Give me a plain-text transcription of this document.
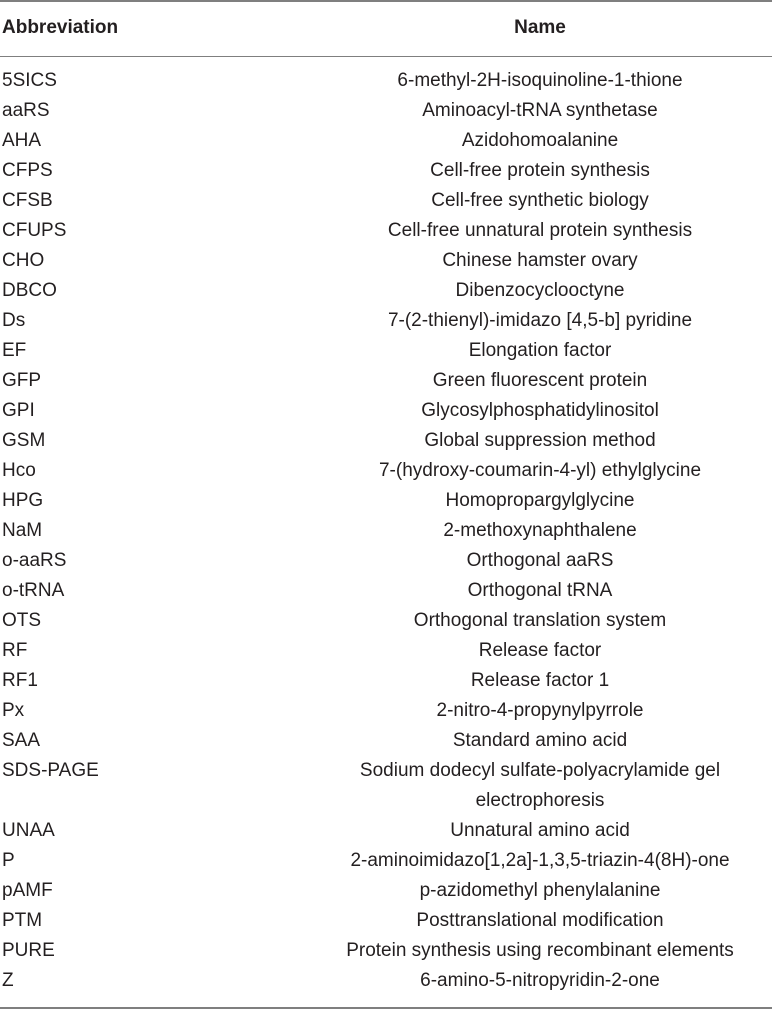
Abbreviation	Name
5SICS	6-methyl-2H-isoquinoline-1-thione
aaRS	Aminoacyl-tRNA synthetase
AHA	Azidohomoalanine
CFPS	Cell-free protein synthesis
CFSB	Cell-free synthetic biology
CFUPS	Cell-free unnatural protein synthesis
CHO	Chinese hamster ovary
DBCO	Dibenzocyclooctyne
Ds	7-(2-thienyl)-imidazo [4,5-b] pyridine
EF	Elongation factor
GFP	Green fluorescent protein
GPI	Glycosylphosphatidylinositol
GSM	Global suppression method
Hco	7-(hydroxy-coumarin-4-yl) ethylglycine
HPG	Homopropargylglycine
NaM	2-methoxynaphthalene
o-aaRS	Orthogonal aaRS
o-tRNA	Orthogonal tRNA
OTS	Orthogonal translation system
RF	Release factor
RF1	Release factor 1
Px	2-nitro-4-propynylpyrrole
SAA	Standard amino acid
SDS-PAGE	Sodium dodecyl sulfate-polyacrylamide gel electrophoresis
UNAA	Unnatural amino acid
P	2-aminoimidazo[1,2a]-1,3,5-triazin-4(8H)-one
pAMF	p-azidomethyl phenylalanine
PTM	Posttranslational modification
PURE	Protein synthesis using recombinant elements
Z	6-amino-5-nitropyridin-2-one
